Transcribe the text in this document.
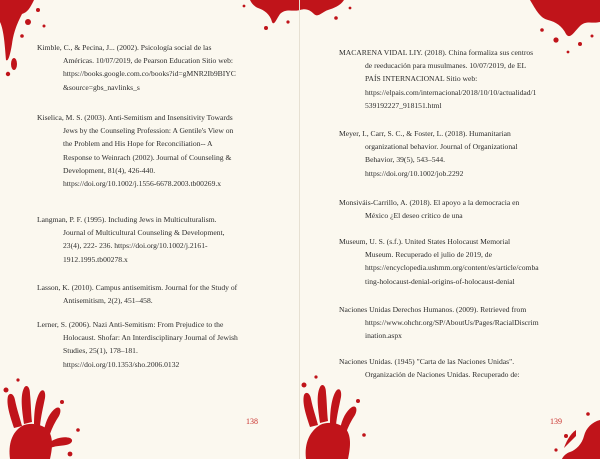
Kimble, C., & Pecina, J... (2002). Psicología social de las
Américas. 10/07/2019, de Pearson Education Sitio web:
https://books.google.com.co/books?id=gMNR2Ib9BIYC
&source=gbs_navlinks_s
Kiselica, M. S. (2003). Anti-Semitism and Insensitivity Towards
Jews by the Counseling Profession: A Gentile's View on
the Problem and His Hope for Reconciliation-- A
Response to Weinrach (2002). Journal of Counseling &
Development, 81(4), 426-440.
https://doi.org/10.1002/j.1556-6678.2003.tb00269.x
Langman, P. F. (1995). Including Jews in Multiculturalism.
Journal of Multicultural Counseling & Development,
23(4), 222- 236. https://doi.org/10.1002/j.2161-
1912.1995.tb00278.x
Lasson, K. (2010). Campus antisemitism. Journal for the Study of
Antisemitism, 2(2), 451–458.
Lerner, S. (2006). Nazi Anti-Semitism: From Prejudice to the
Holocaust. Shofar: An Interdisciplinary Journal of Jewish
Studies, 25(1), 178–181.
https://doi.org/10.1353/sho.2006.0132
138
MACARENA VIDAL LIY. (2018). China formaliza sus centros
de reeducación para musulmanes. 10/07/2019, de EL
PAÍS INTERNACIONAL Sitio web:
https://elpais.com/internacional/2018/10/10/actualidad/1
539192227_918151.html
Meyer, I., Carr, S. C., & Foster, L. (2018). Humanitarian
organizational behavior. Journal of Organizational
Behavior, 39(5), 543–544.
https://doi.org/10.1002/job.2292
Monsiváis-Carrillo, A. (2018). El apoyo a la democracia en
México ¿El deseo crítico de una
Museum, U. S. (s.f.). United States Holocaust Memorial
Museum. Recuperado el julio de 2019, de
https://encyclopedia.ushmm.org/content/es/article/comba
ting-holocaust-denial-origins-of-holocaust-denial
Naciones Unidas Derechos Humanos. (2009). Retrieved from
https://www.ohchr.org/SP/AboutUs/Pages/RacialDiscrim
ination.aspx
Naciones Unidas. (1945) "Carta de las Naciones Unidas".
Organización de Naciones Unidas. Recuperado de:
139
